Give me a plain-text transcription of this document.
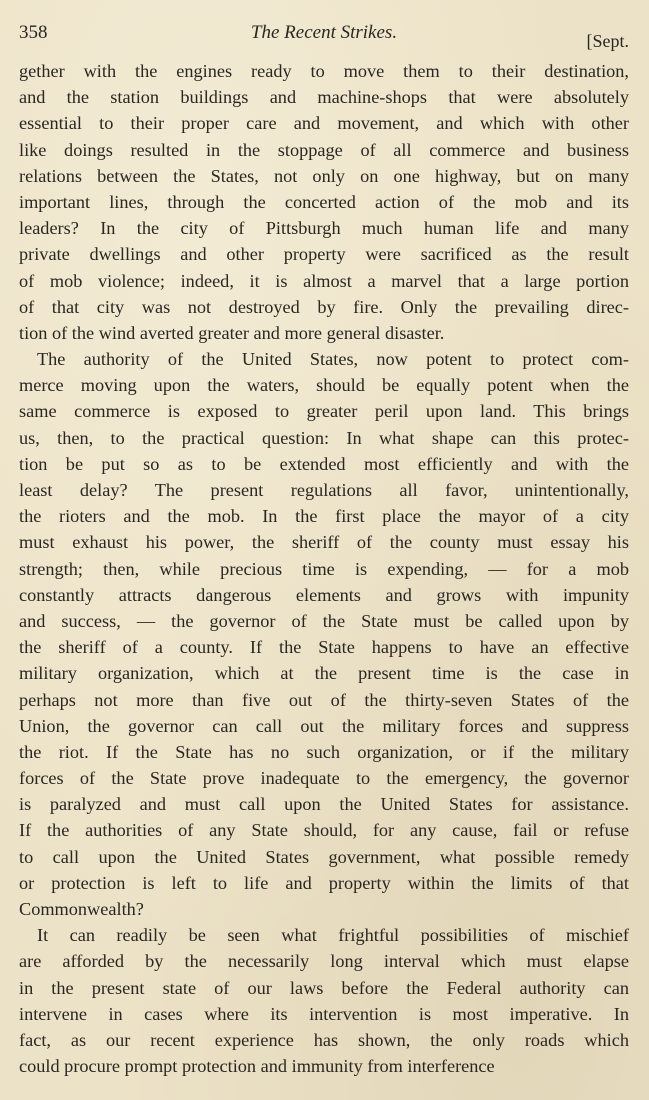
358	The Recent Strikes.	[Sept.
gether with the engines ready to move them to their destination,
and the station buildings and machine-shops that were absolutely
essential to their proper care and movement, and which with other
like doings resulted in the stoppage of all commerce and business
relations between the States, not only on one highway, but on many
important lines, through the concerted action of the mob and its
leaders? In the city of Pittsburgh much human life and many
private dwellings and other property were sacrificed as the result
of mob violence; indeed, it is almost a marvel that a large portion
of that city was not destroyed by fire. Only the prevailing direc-
tion of the wind averted greater and more general disaster.
The authority of the United States, now potent to protect com-
merce moving upon the waters, should be equally potent when the
same commerce is exposed to greater peril upon land. This brings
us, then, to the practical question: In what shape can this protec-
tion be put so as to be extended most efficiently and with the
least delay? The present regulations all favor, unintentionally,
the rioters and the mob. In the first place the mayor of a city
must exhaust his power, the sheriff of the county must essay his
strength; then, while precious time is expending, — for a mob
constantly attracts dangerous elements and grows with impunity
and success, — the governor of the State must be called upon by
the sheriff of a county. If the State happens to have an effective
military organization, which at the present time is the case in
perhaps not more than five out of the thirty-seven States of the
Union, the governor can call out the military forces and suppress
the riot. If the State has no such organization, or if the military
forces of the State prove inadequate to the emergency, the governor
is paralyzed and must call upon the United States for assistance.
If the authorities of any State should, for any cause, fail or refuse
to call upon the United States government, what possible remedy
or protection is left to life and property within the limits of that
Commonwealth?
It can readily be seen what frightful possibilities of mischief
are afforded by the necessarily long interval which must elapse
in the present state of our laws before the Federal authority can
intervene in cases where its intervention is most imperative. In
fact, as our recent experience has shown, the only roads which
could procure prompt protection and immunity from interference
